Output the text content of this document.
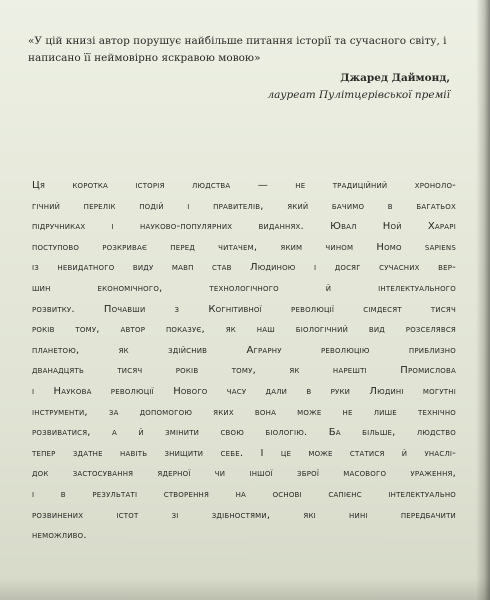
«У цій книзі автор порушує найбільше питання історії та сучасного світу, і написано її неймовірно яскравою мовою»

Джаред Даймонд,
лауреат Пулітцерівської премії
Ця коротка історія людства — не традиційний хроноло-
гічний перелік подій і правителів, який бачимо в багатьох
підручниках і науково-популярних виданнях. Ювал Ной Харарі
поступово розкриває перед читачем, яким чином Homo sapiens
із невидатного виду мавп став Людиною і досяг сучасних вер-
шин економічного, технологічного й інтелектуального
розвитку. Почавши з Когнітивної революції сімдесят тисяч
років тому, автор показує, як наш біологічний вид розселявся
планетою, як здійснив Аграрну революцію приблизно
дванадцять тисяч років тому, як нарешті Промислова
і Наукова революції Нового часу дали в руки Людині могутні
інструменти, за допомогою яких вона може не лише технічно
розвиватися, а й змінити свою біологію. Ба більше, людство
тепер здатне навіть знищити себе. І це може статися й унаслі-
док застосування ядерної чи іншої зброї масового ураження,
і в результаті створення на основі сапієнс інтелектуально
розвинених істот зі здібностями, які нині передбачити
неможливо.
